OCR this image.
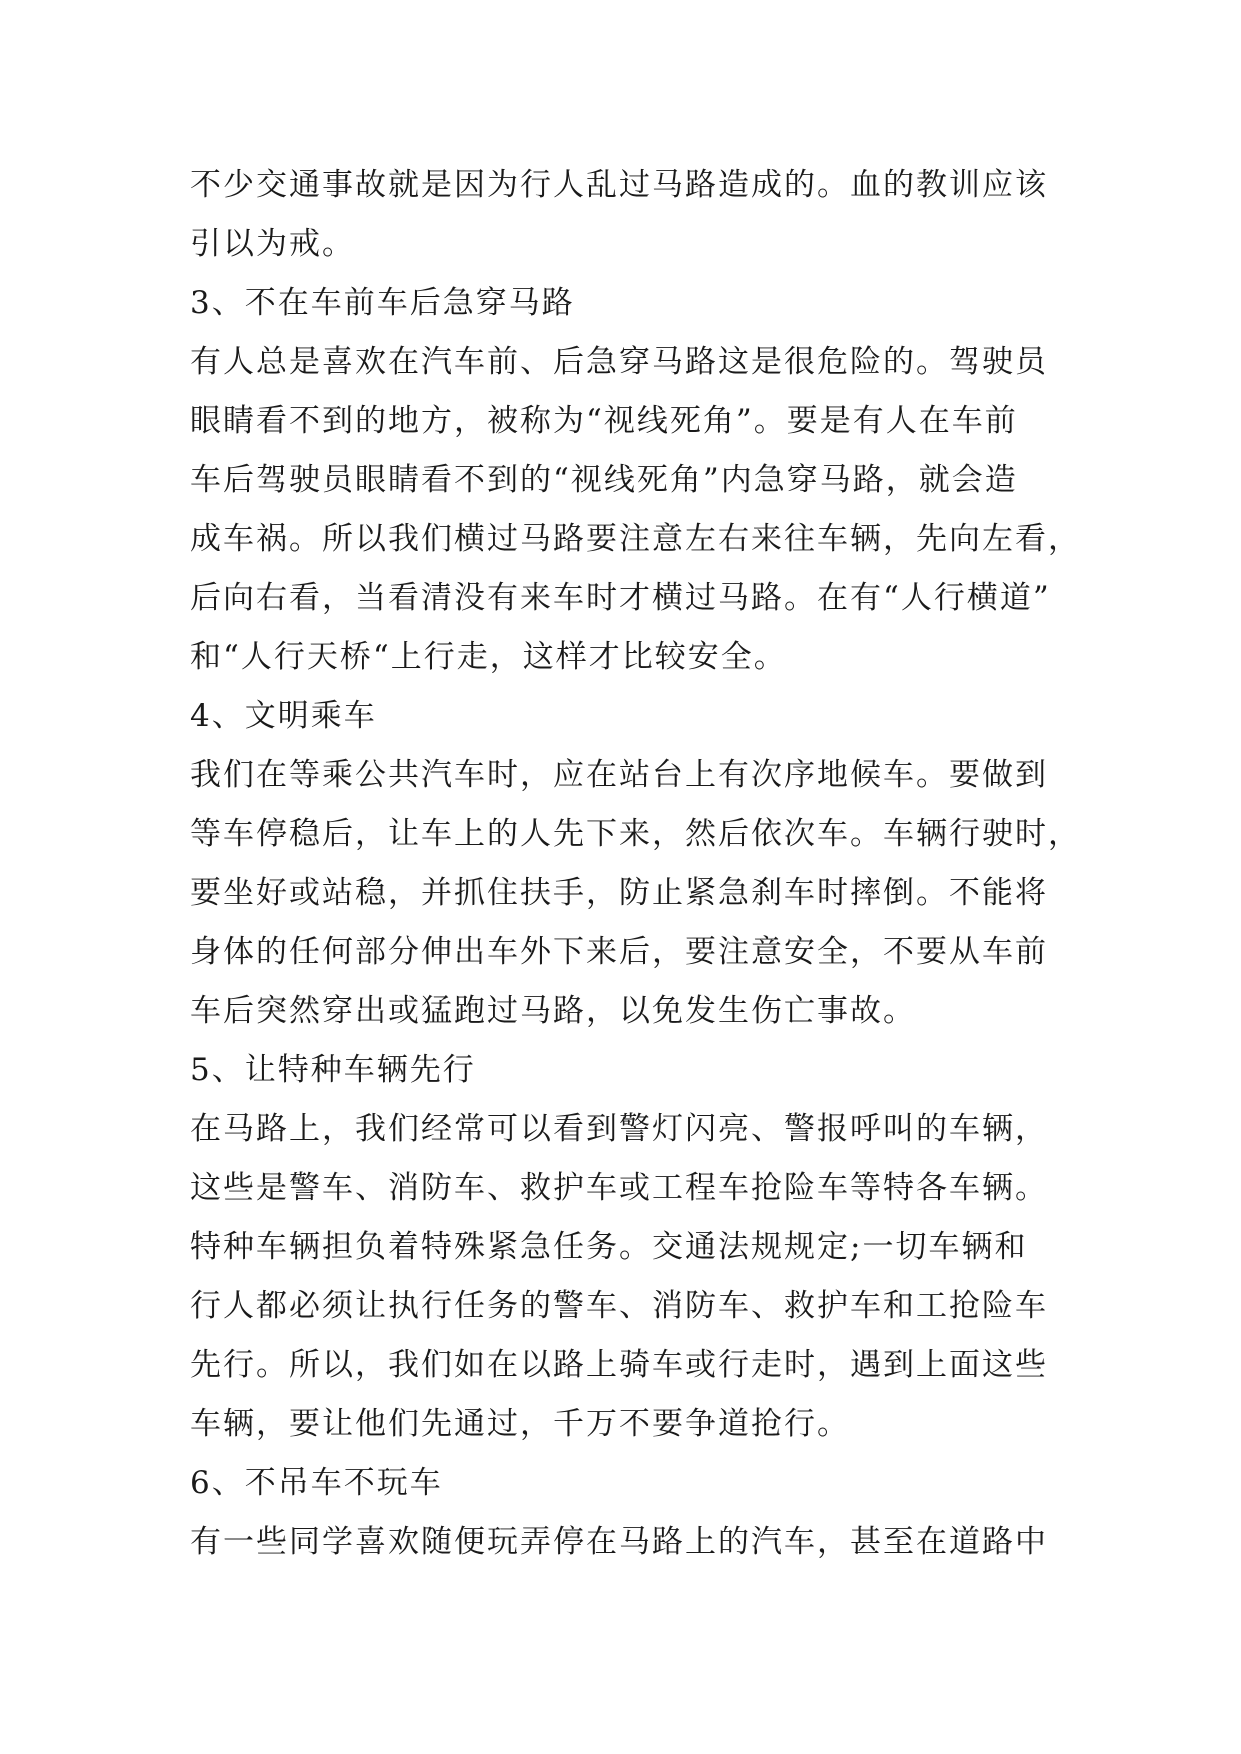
不少交通事故就是因为行人乱过马路造成的。血的教训应该
引以为戒。
3、不在车前车后急穿马路
有人总是喜欢在汽车前、后急穿马路这是很危险的。驾驶员
眼睛看不到的地方，被称为“视线死角”。要是有人在车前
车后驾驶员眼睛看不到的“视线死角”内急穿马路，就会造
成车祸。所以我们横过马路要注意左右来往车辆，先向左看，
后向右看，当看清没有来车时才横过马路。在有“人行横道”
和“人行天桥“上行走，这样才比较安全。
4、文明乘车
我们在等乘公共汽车时，应在站台上有次序地候车。要做到
等车停稳后，让车上的人先下来，然后依次车。车辆行驶时，
要坐好或站稳，并抓住扶手，防止紧急刹车时摔倒。不能将
身体的任何部分伸出车外下来后，要注意安全，不要从车前
车后突然穿出或猛跑过马路，以免发生伤亡事故。
5、让特种车辆先行
在马路上，我们经常可以看到警灯闪亮、警报呼叫的车辆，
这些是警车、消防车、救护车或工程车抢险车等特各车辆。
特种车辆担负着特殊紧急任务。交通法规规定;一切车辆和
行人都必须让执行任务的警车、消防车、救护车和工抢险车
先行。所以，我们如在以路上骑车或行走时，遇到上面这些
车辆，要让他们先通过，千万不要争道抢行。
6、不吊车不玩车
有一些同学喜欢随便玩弄停在马路上的汽车，甚至在道路中
